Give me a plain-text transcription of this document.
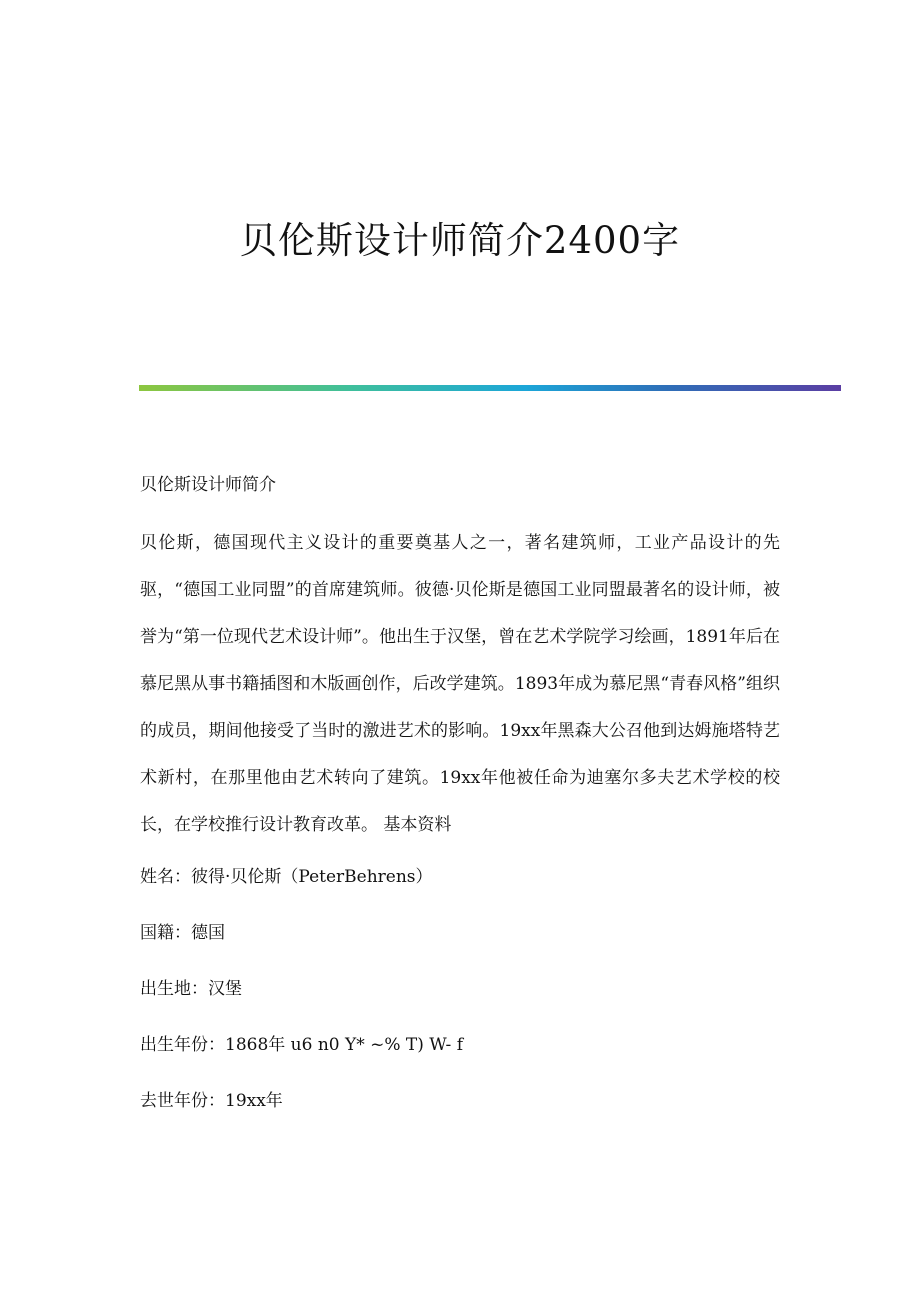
贝伦斯设计师简介2400字

贝伦斯设计师简介

贝伦斯，德国现代主义设计的重要奠基人之一，著名建筑师，工业产品设计的先驱，“德国工业同盟”的首席建筑师。彼德·贝伦斯是德国工业同盟最著名的设计师，被誉为“第一位现代艺术设计师”。他出生于汉堡，曾在艺术学院学习绘画，1891年后在慕尼黑从事书籍插图和木版画创作，后改学建筑。1893年成为慕尼黑“青春风格”组织的成员，期间他接受了当时的激进艺术的影响。19xx年黑森大公召他到达姆施塔特艺术新村，在那里他由艺术转向了建筑。19xx年他被任命为迪塞尔多夫艺术学校的校长，在学校推行设计教育改革。 基本资料

姓名：彼得·贝伦斯（PeterBehrens）
国籍：德国
出生地：汉堡
出生年份：1868年 u6 n0 Y* ~% T) W- f
去世年份：19xx年
